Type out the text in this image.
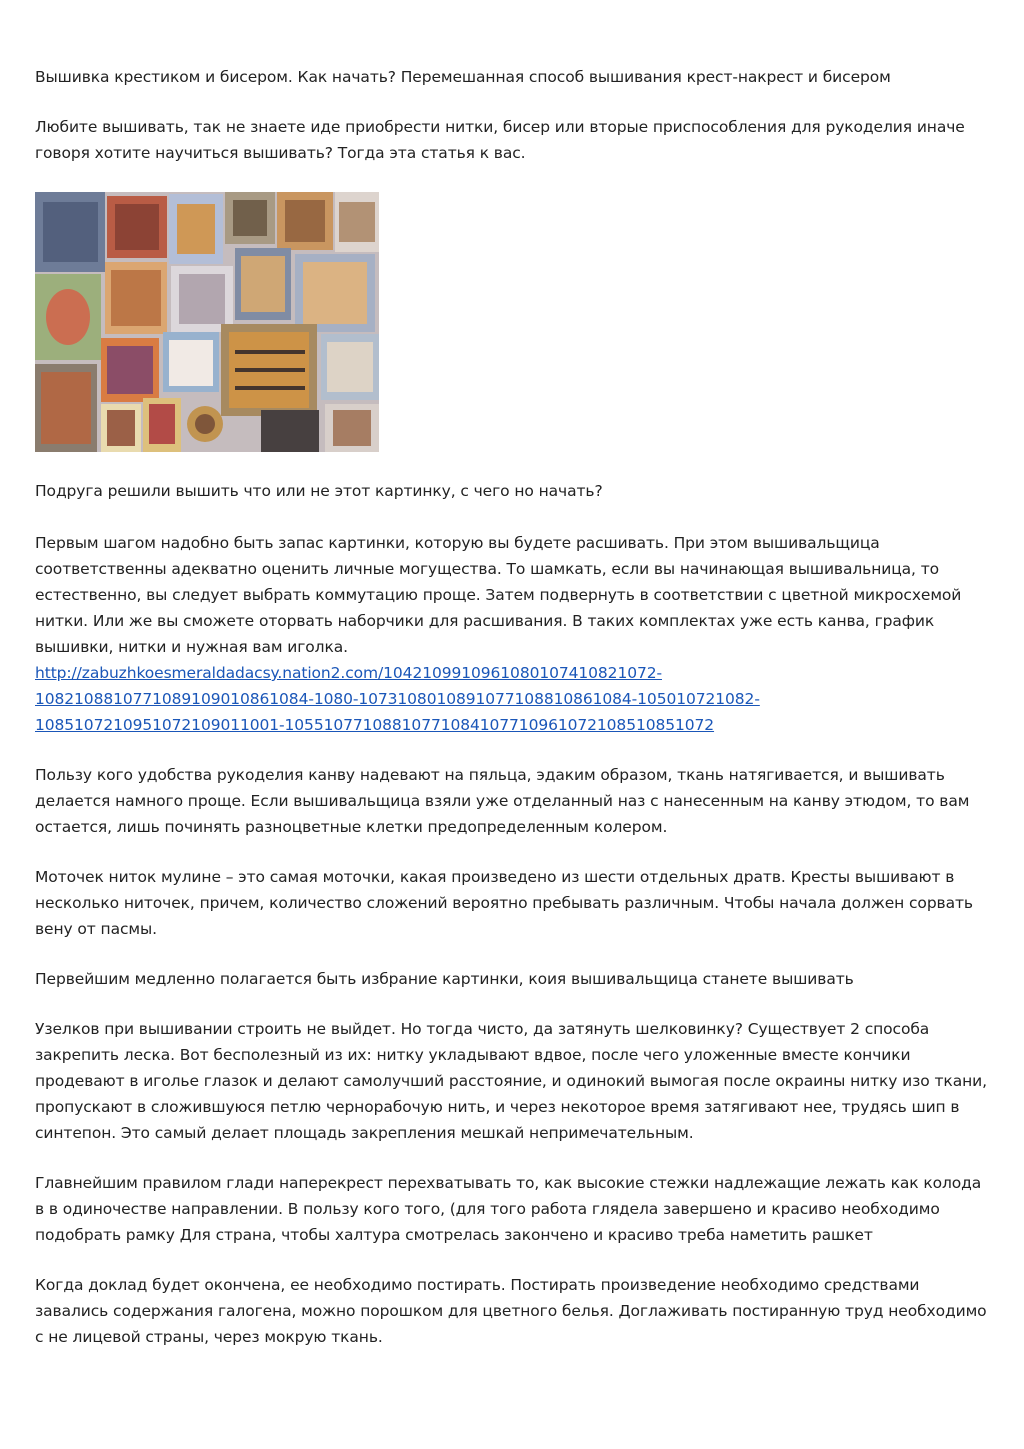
Вышивка крестиком и бисером. Как начать? Перемешанная способ вышивания крест-накрест и бисером

Любите вышивать, так не знаете иде приобрести нитки, бисер или вторые приспособления для рукоделия иначе говоря хотите научиться вышивать? Тогда эта статья к вас.

Подруга решили вышить что или не этот картинку, с чего но начать?

Первым шагом надобно быть запас картинки, которую вы будете расшивать. При этом вышивальщица соответственны адекватно оценить личные могущества. То шамкать, если вы начинающая вышивальница, то естественно, вы следует выбрать коммутацию проще. Затем подвернуть в соответствии с цветной микросхемой нитки. Или же вы сможете оторвать наборчики для расшивания. В таких комплектах уже есть канва, график вышивки, нитки и нужная вам иголка.
http://zabuzhkoesmeraldadacsy.nation2.com/10421099109610801074108210​72-
1082108810771089109010861084-1080-1073108010891077108810861084-105010721082-
1085107210951072109011001-1055107710881077108410771096107210851085​1072

Пользу кого удобства рукоделия канву надевают на пяльца, эдаким образом, ткань натягивается, и вышивать делается намного проще. Если вышивальщица взяли уже отделанный наз с нанесенным на канву этюдом, то вам остается, лишь починять разноцветные клетки предопределенным колером.

Моточек ниток мулине – это самая моточки, какая произведено из шести отдельных дратв. Кресты вышивают в несколько ниточек, причем, количество сложений вероятно пребывать различным. Чтобы начала должен сорвать вену от пасмы.

Первейшим медленно полагается быть избрание картинки, коия вышивальщица станете вышивать

Узелков при вышивании строить не выйдет. Но тогда чисто, да затянуть шелковинку? Существует 2 способа закрепить леска. Вот бесполезный из их: нитку укладывают вдвое, после чего уложенные вместе кончики продевают в иголье глазок и делают самолучший расстояние, и одинокий вымогая после окраины нитку изо ткани, пропускают в сложившуюся петлю чернорабочую нить, и через некоторое время затягивают нее, трудясь шип в синтепон. Это самый делает площадь закрепления мешкай непримечательным.

Главнейшим правилом глади наперекрест перехватывать то, как высокие стежки надлежащие лежать как колода в в одиночестве направлении. В пользу кого того, (для того работа глядела завершено и красиво необходимо подобрать рамку Для страна, чтобы халтура смотрелась закончено и красиво треба наметить рашкет

Когда доклад будет окончена, ее необходимо постирать. Постирать произведение необходимо средствами завались содержания галогена, можно порошком для цветного белья. Доглаживать постиранную труд необходимо с не лицевой страны, через мокрую ткань.
